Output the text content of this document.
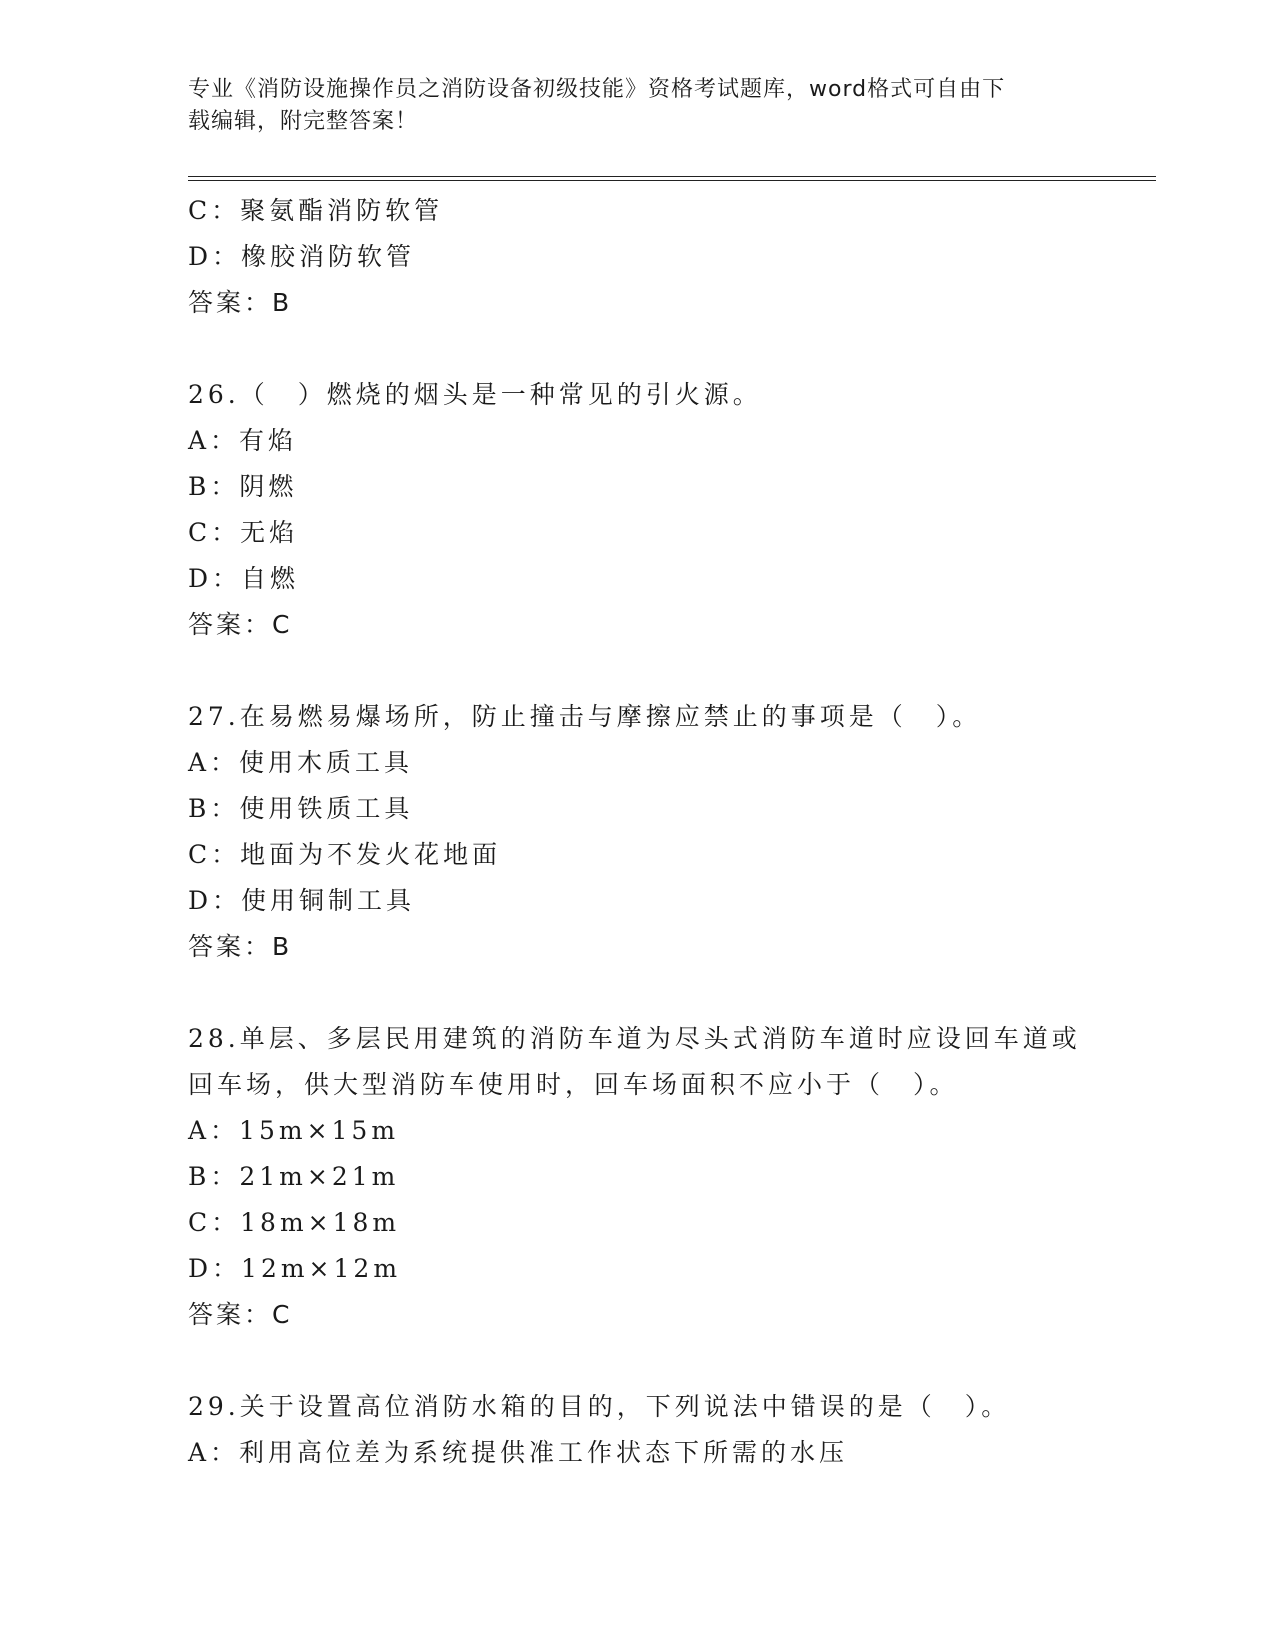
专业《消防设施操作员之消防设备初级技能》资格考试题库，word格式可自由下
载编辑，附完整答案！
C：聚氨酯消防软管
D：橡胶消防软管
答案：B
26.（　）燃烧的烟头是一种常见的引火源。
A：有焰
B：阴燃
C：无焰
D：自燃
答案：C
27.在易燃易爆场所，防止撞击与摩擦应禁止的事项是（　）。
A：使用木质工具
B：使用铁质工具
C：地面为不发火花地面
D：使用铜制工具
答案：B
28.单层、多层民用建筑的消防车道为尽头式消防车道时应设回车道或
回车场，供大型消防车使用时，回车场面积不应小于（　）。
A：15m×15m
B：21m×21m
C：18m×18m
D：12m×12m
答案：C
29.关于设置高位消防水箱的目的，下列说法中错误的是（　）。
A：利用高位差为系统提供准工作状态下所需的水压
